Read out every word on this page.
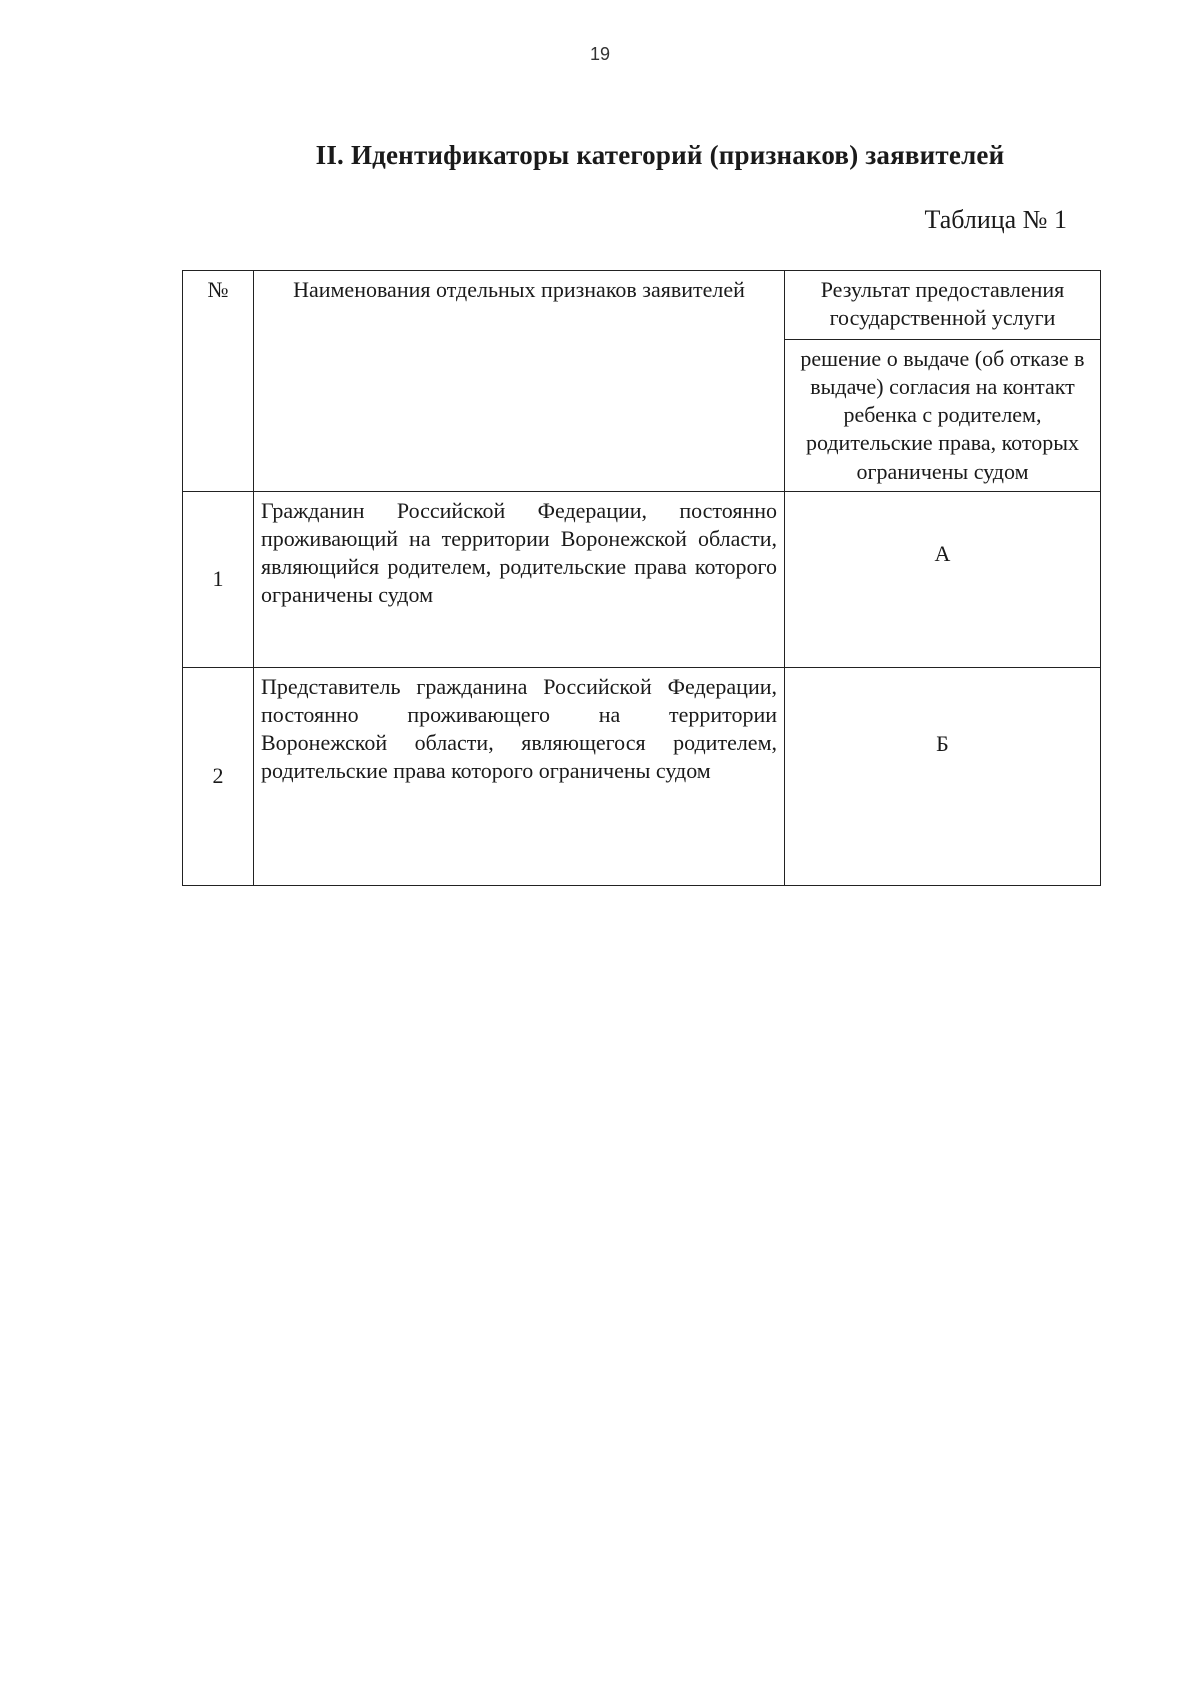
19
II. Идентификаторы категорий (признаков) заявителей
Таблица № 1
№	Наименования отдельных признаков заявителей	Результат предоставления государственной услуги
		решение о выдаче (об отказе в выдаче) согласия на контакт ребенка с родителем, родительские права, которых ограничены судом
1	Гражданин Российской Федерации, постоянно проживающий на территории Воронежской области, являющийся родителем, родительские права которого ограничены судом	А
2	Представитель гражданина Российской Федерации, постоянно проживающего на территории Воронежской области, являющегося родителем, родительские права которого ограничены судом	Б
